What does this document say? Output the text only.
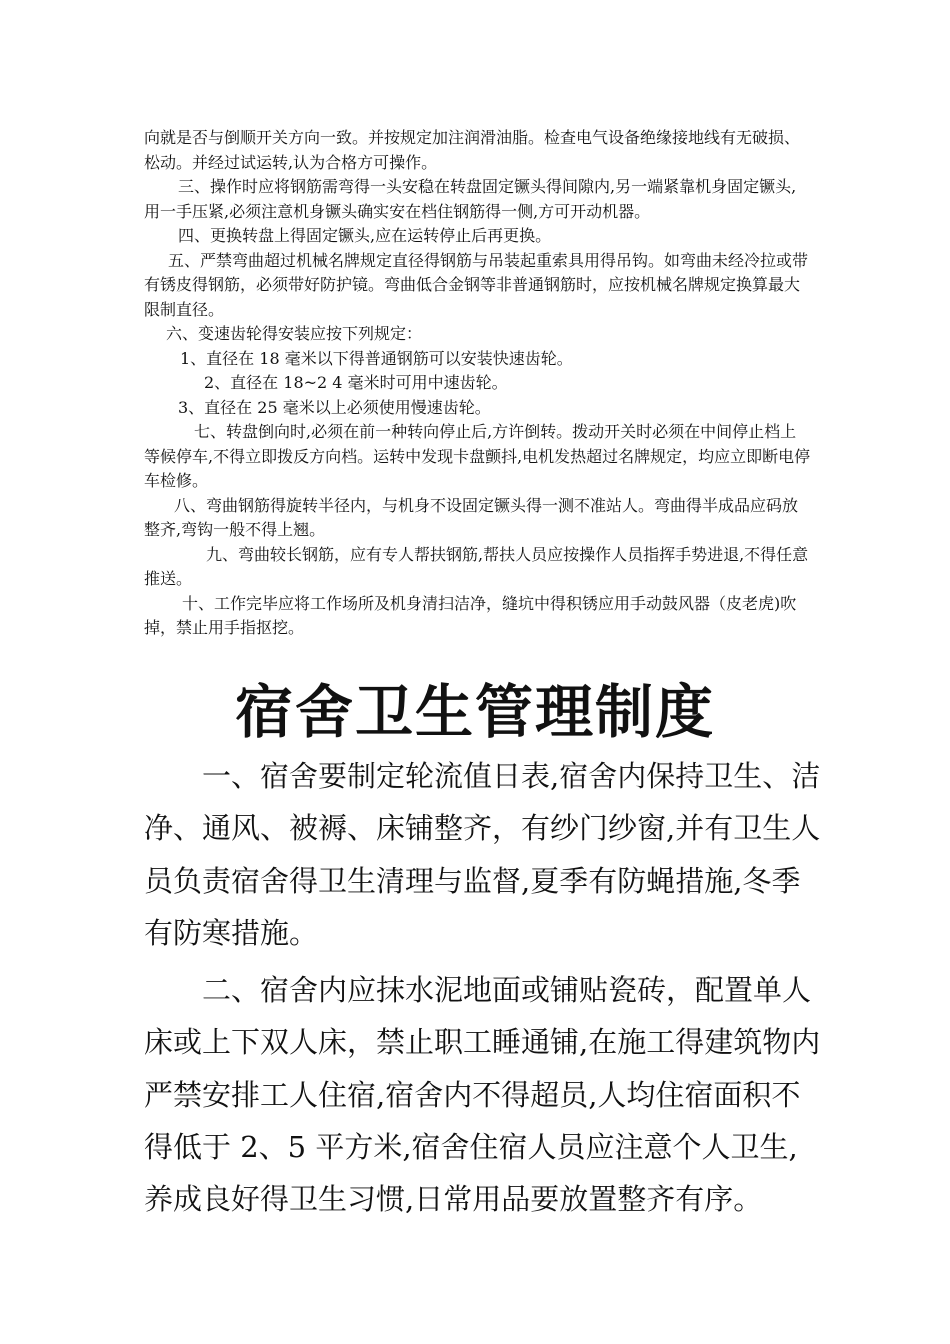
向就是否与倒顺开关方向一致。并按规定加注润滑油脂。检查电气设备绝缘接地线有无破损、松动。并经过试运转,认为合格方可操作。

三、操作时应将钢筋需弯得一头安稳在转盘固定镢头得间隙内,另一端紧靠机身固定镢头,用一手压紧,必须注意机身镢头确实安在档住钢筋得一侧,方可开动机器。

四、更换转盘上得固定镢头,应在运转停止后再更换。

五、严禁弯曲超过机械名牌规定直径得钢筋与吊装起重索具用得吊钩。如弯曲未经冷拉或带有锈皮得钢筋，必须带好防护镜。弯曲低合金钢等非普通钢筋时，应按机械名牌规定换算最大限制直径。

六、变速齿轮得安装应按下列规定：

1、直径在 18 毫米以下得普通钢筋可以安装快速齿轮。

2、直径在 18~2 4 毫米时可用中速齿轮。

3、直径在 25 毫米以上必须使用慢速齿轮。

七、转盘倒向时,必须在前一种转向停止后,方许倒转。拨动开关时必须在中间停止档上等候停车,不得立即拨反方向档。运转中发现卡盘颤抖,电机发热超过名牌规定，均应立即断电停车检修。

八、弯曲钢筋得旋转半径内，与机身不设固定镢头得一测不准站人。弯曲得半成品应码放整齐,弯钩一般不得上翘。

九、弯曲较长钢筋，应有专人帮扶钢筋,帮扶人员应按操作人员指挥手势进退,不得任意推送。

十、工作完毕应将工作场所及机身清扫洁净，缝坑中得积锈应用手动鼓风器（皮老虎)吹掉，禁止用手指抠挖。

宿舍卫生管理制度

一、宿舍要制定轮流值日表,宿舍内保持卫生、洁净、通风、被褥、床铺整齐，有纱门纱窗,并有卫生人员负责宿舍得卫生清理与监督,夏季有防蝇措施,冬季有防寒措施。

二、宿舍内应抹水泥地面或铺贴瓷砖，配置单人床或上下双人床，禁止职工睡通铺,在施工得建筑物内严禁安排工人住宿,宿舍内不得超员,人均住宿面积不得低于 2、5 平方米,宿舍住宿人员应注意个人卫生,养成良好得卫生习惯,日常用品要放置整齐有序。
